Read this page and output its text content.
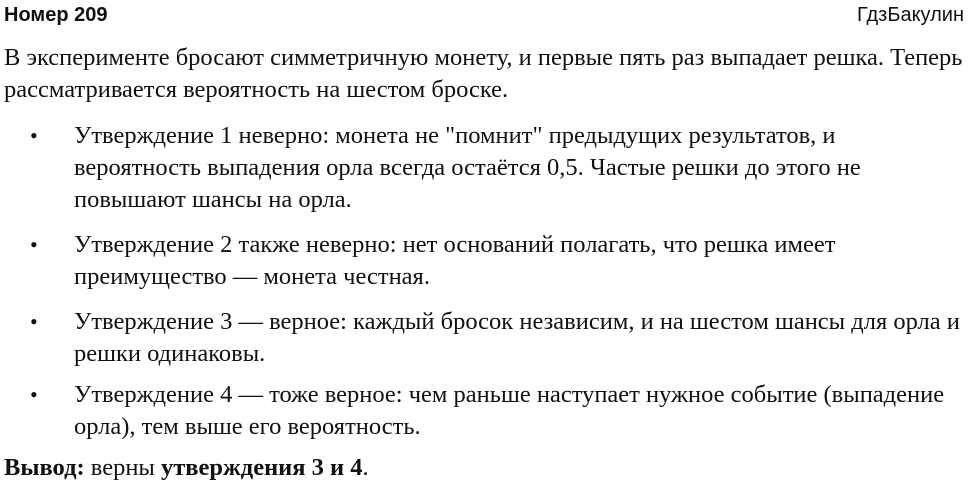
Номер 209	ГдзБакулин
В эксперименте бросают симметричную монету, и первые пять раз выпадает решка. Теперь рассматривается вероятность на шестом броске.
• Утверждение 1 неверно: монета не "помнит" предыдущих результатов, и вероятность выпадения орла всегда остаётся 0,5. Частые решки до этого не повышают шансы на орла.
• Утверждение 2 также неверно: нет оснований полагать, что решка имеет преимущество — монета честная.
• Утверждение 3 — верное: каждый бросок независим, и на шестом шансы для орла и решки одинаковы.
• Утверждение 4 — тоже верное: чем раньше наступает нужное событие (выпадение орла), тем выше его вероятность.
Вывод: верны утверждения 3 и 4.
